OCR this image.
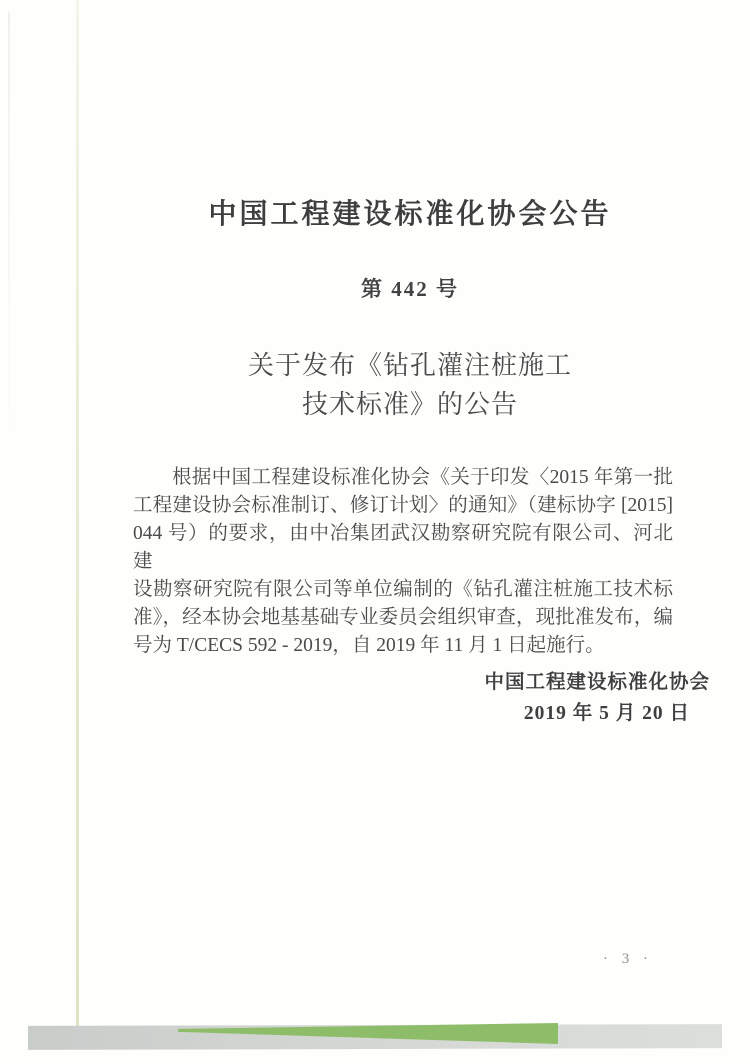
中国工程建设标准化协会公告
第 442 号
关于发布《钻孔灌注桩施工
技术标准》的公告
根据中国工程建设标准化协会《关于印发〈2015 年第一批
工程建设协会标准制订、修订计划〉的通知》（建标协字 [2015]
044 号）的要求，由中冶集团武汉勘察研究院有限公司、河北建
设勘察研究院有限公司等单位编制的《钻孔灌注桩施工技术标
准》，经本协会地基基础专业委员会组织审查，现批准发布，编
号为 T/CECS 592 - 2019，自 2019 年 11 月 1 日起施行。
中国工程建设标准化协会
2019 年 5 月 20 日
· 3 ·
